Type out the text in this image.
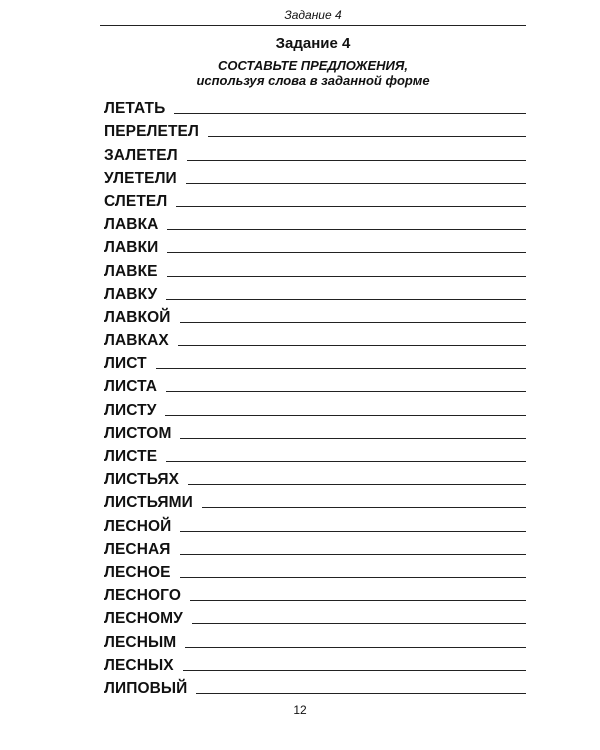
Задание 4
Задание 4
СОСТАВЬТЕ ПРЕДЛОЖЕНИЯ,
используя слова в заданной форме
ЛЕТАТЬ
ПЕРЕЛЕТЕЛ
ЗАЛЕТЕЛ
УЛЕТЕЛИ
СЛЕТЕЛ
ЛАВКА
ЛАВКИ
ЛАВКЕ
ЛАВКУ
ЛАВКОЙ
ЛАВКАХ
ЛИСТ
ЛИСТА
ЛИСТУ
ЛИСТОМ
ЛИСТЕ
ЛИСТЬЯХ
ЛИСТЬЯМИ
ЛЕСНОЙ
ЛЕСНАЯ
ЛЕСНОЕ
ЛЕСНОГО
ЛЕСНОМУ
ЛЕСНЫМ
ЛЕСНЫХ
ЛИПОВЫЙ
12
